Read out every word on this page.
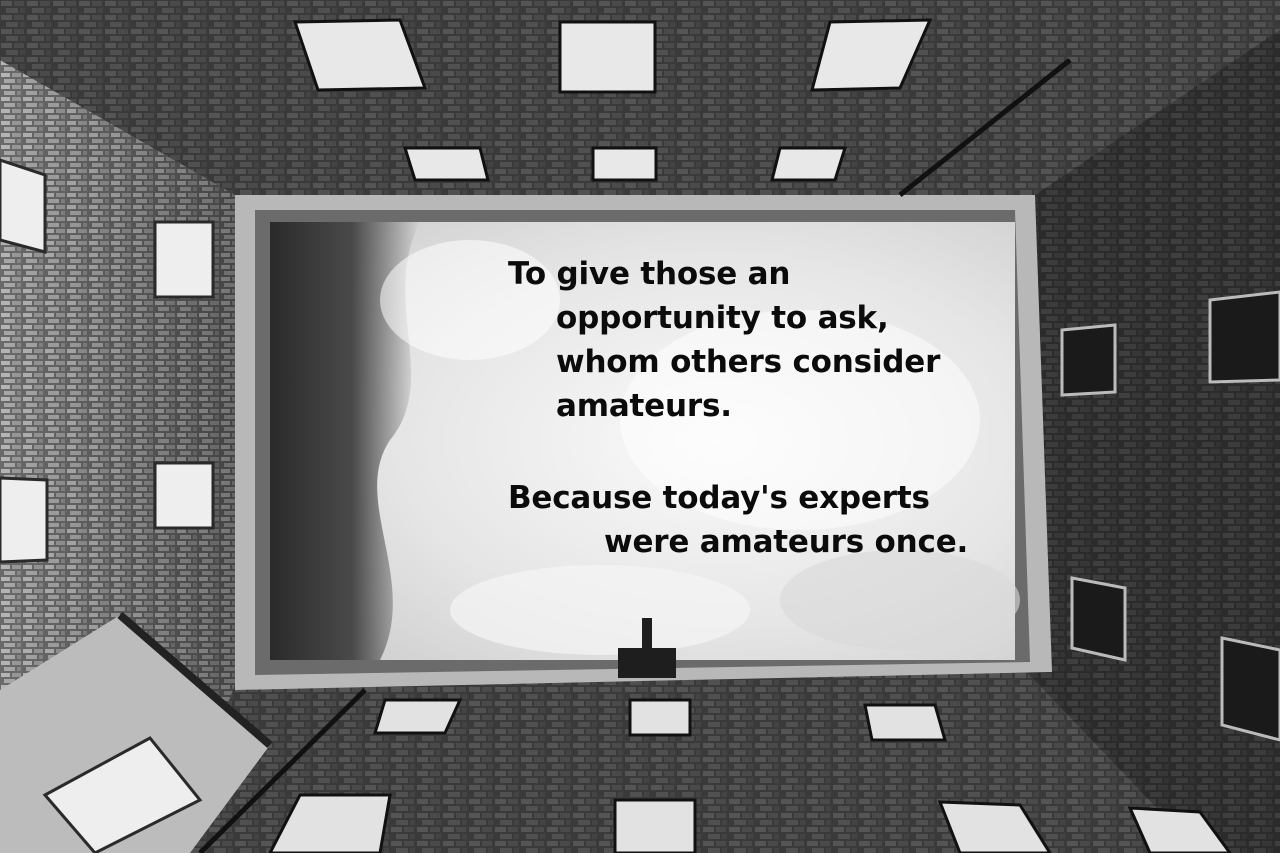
To give those an
opportunity to ask,
whom others consider
amateurs.
Because today's experts
were amateurs once.
